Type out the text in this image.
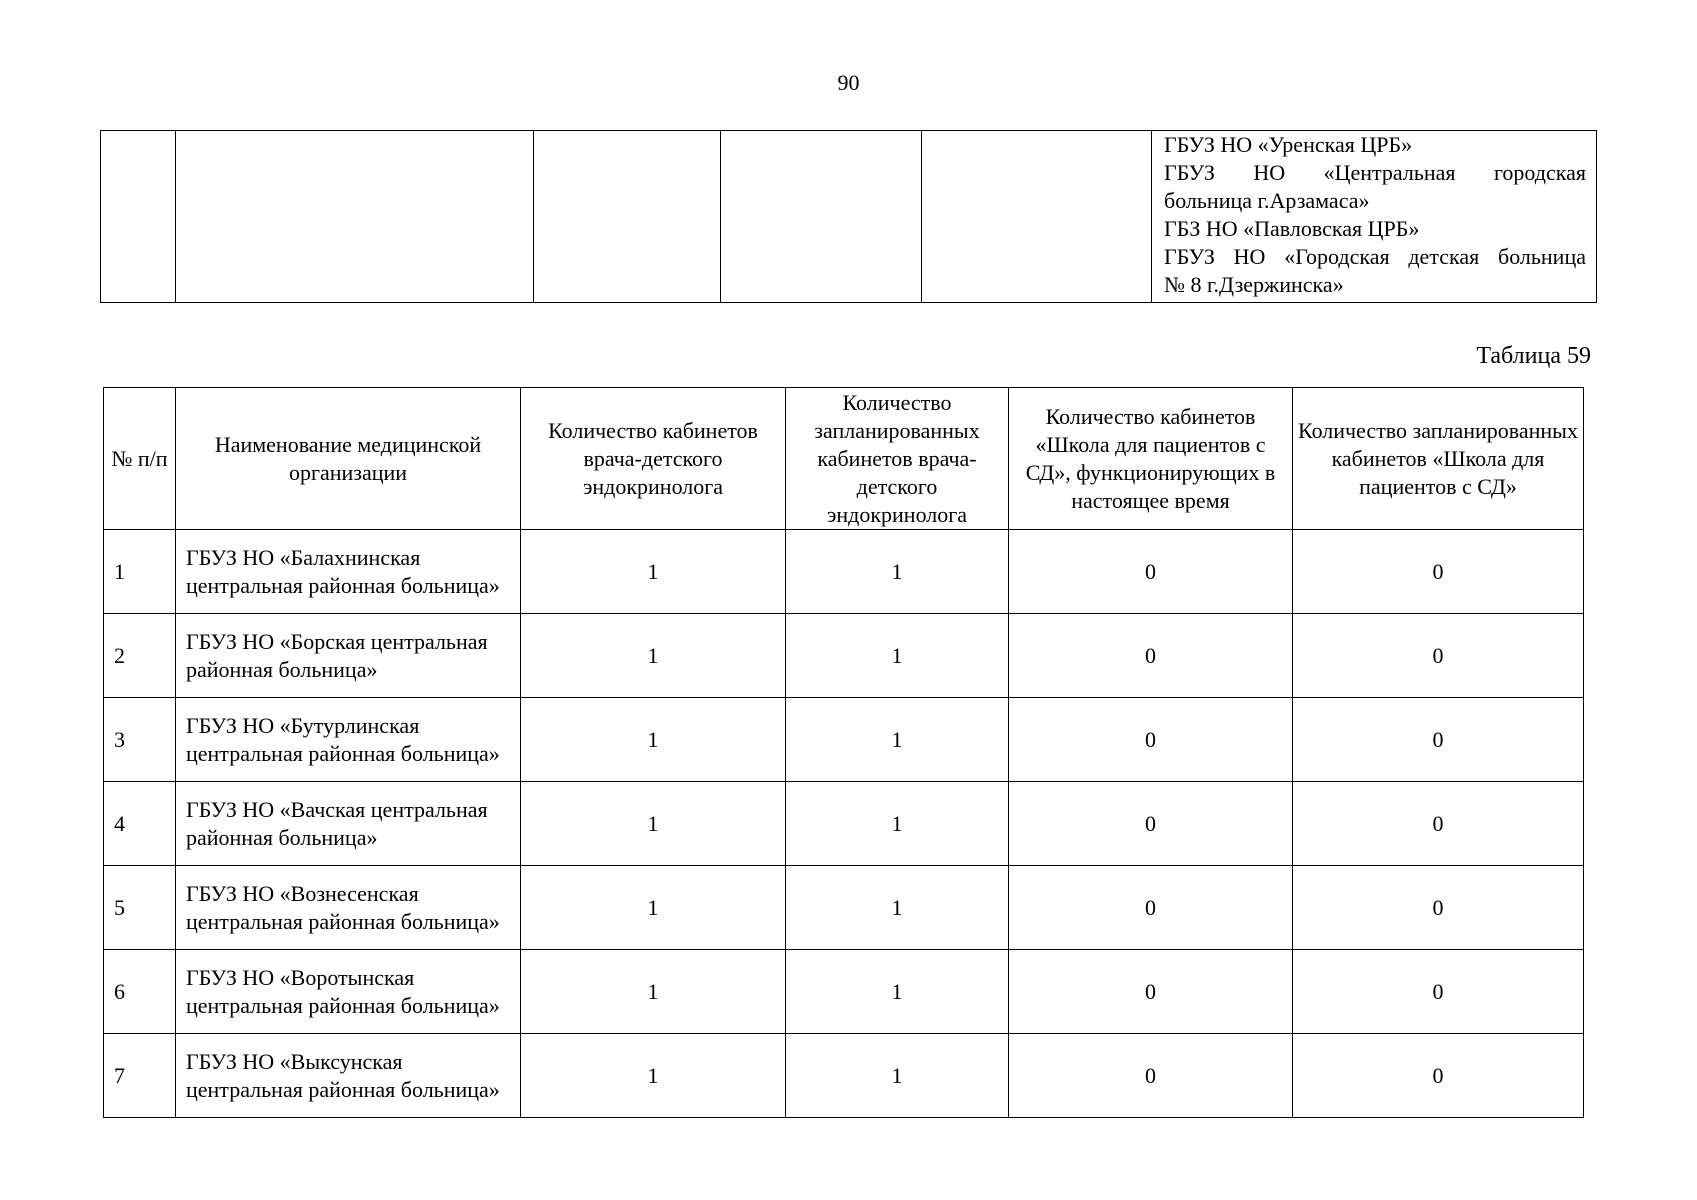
90

ГБУЗ НО «Уренская ЦРБ»
ГБУЗ НО «Центральная городская
больница г.Арзамаса»
ГБЗ НО «Павловская ЦРБ»
ГБУЗ НО «Городская детская больница
№ 8 г.Дзержинска»
Таблица 59
№ п/п	Наименование медицинской организации	Количество кабинетов врача-детского эндокринолога	Количество запланированных кабинетов врача-детского эндокринолога	Количество кабинетов «Школа для пациентов с СД», функционирующих в настоящее время	Количество запланированных кабинетов «Школа для пациентов с СД»
1	ГБУЗ НО «Балахнинская центральная районная больница»	1	1	0	0
2	ГБУЗ НО «Борская центральная районная больница»	1	1	0	0
3	ГБУЗ НО «Бутурлинская центральная районная больница»	1	1	0	0
4	ГБУЗ НО «Вачская центральная районная больница»	1	1	0	0
5	ГБУЗ НО «Вознесенская центральная районная больница»	1	1	0	0
6	ГБУЗ НО «Воротынская центральная районная больница»	1	1	0	0
7	ГБУЗ НО «Выксунская центральная районная больница»	1	1	0	0
